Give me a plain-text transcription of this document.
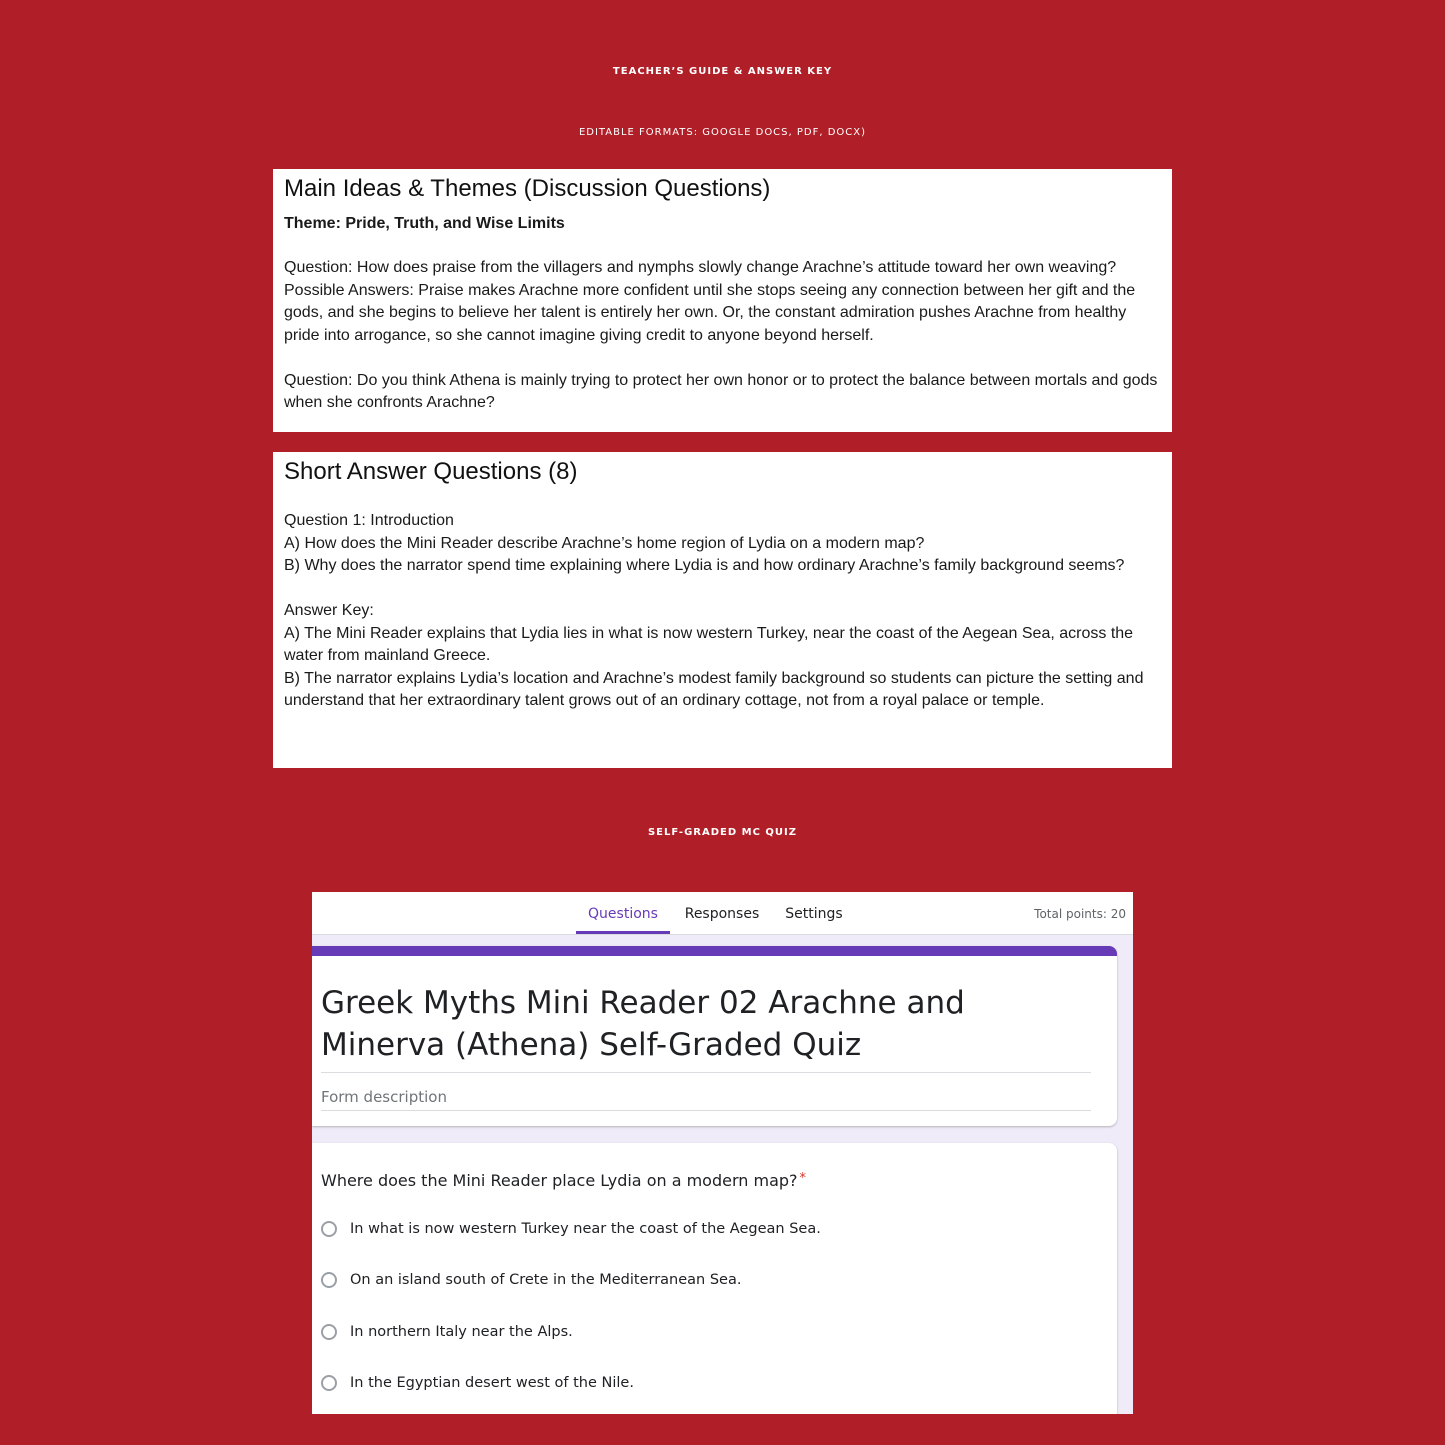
TEACHER’S GUIDE & ANSWER KEY
EDITABLE FORMATS: GOOGLE DOCS, PDF, DOCX)
Main Ideas & Themes (Discussion Questions)
Theme: Pride, Truth, and Wise Limits

Question: How does praise from the villagers and nymphs slowly change Arachne’s attitude toward her own weaving?

Possible Answers: Praise makes Arachne more confident until she stops seeing any connection between her gift and the gods, and she begins to believe her talent is entirely her own. Or, the constant admiration pushes Arachne from healthy pride into arrogance, so she cannot imagine giving credit to anyone beyond herself.

Question: Do you think Athena is mainly trying to protect her own honor or to protect the balance between mortals and gods when she confronts Arachne?

Short Answer Questions (8)

Question 1: Introduction

A) How does the Mini Reader describe Arachne’s home region of Lydia on a modern map?

B) Why does the narrator spend time explaining where Lydia is and how ordinary Arachne’s family background seems?

Answer Key:

A) The Mini Reader explains that Lydia lies in what is now western Turkey, near the coast of the Aegean Sea, across the water from mainland Greece.

B) The narrator explains Lydia’s location and Arachne’s modest family background so students can picture the setting and understand that her extraordinary talent grows out of an ordinary cottage, not from a royal palace or temple.

SELF-GRADED MC QUIZ
Questions	Responses	Settings	Total points: 20
Greek Myths Mini Reader 02 Arachne and Minerva (Athena) Self-Graded Quiz
Form description
Where does the Mini Reader place Lydia on a modern map? *
In what is now western Turkey near the coast of the Aegean Sea.
On an island south of Crete in the Mediterranean Sea.
In northern Italy near the Alps.
In the Egyptian desert west of the Nile.
